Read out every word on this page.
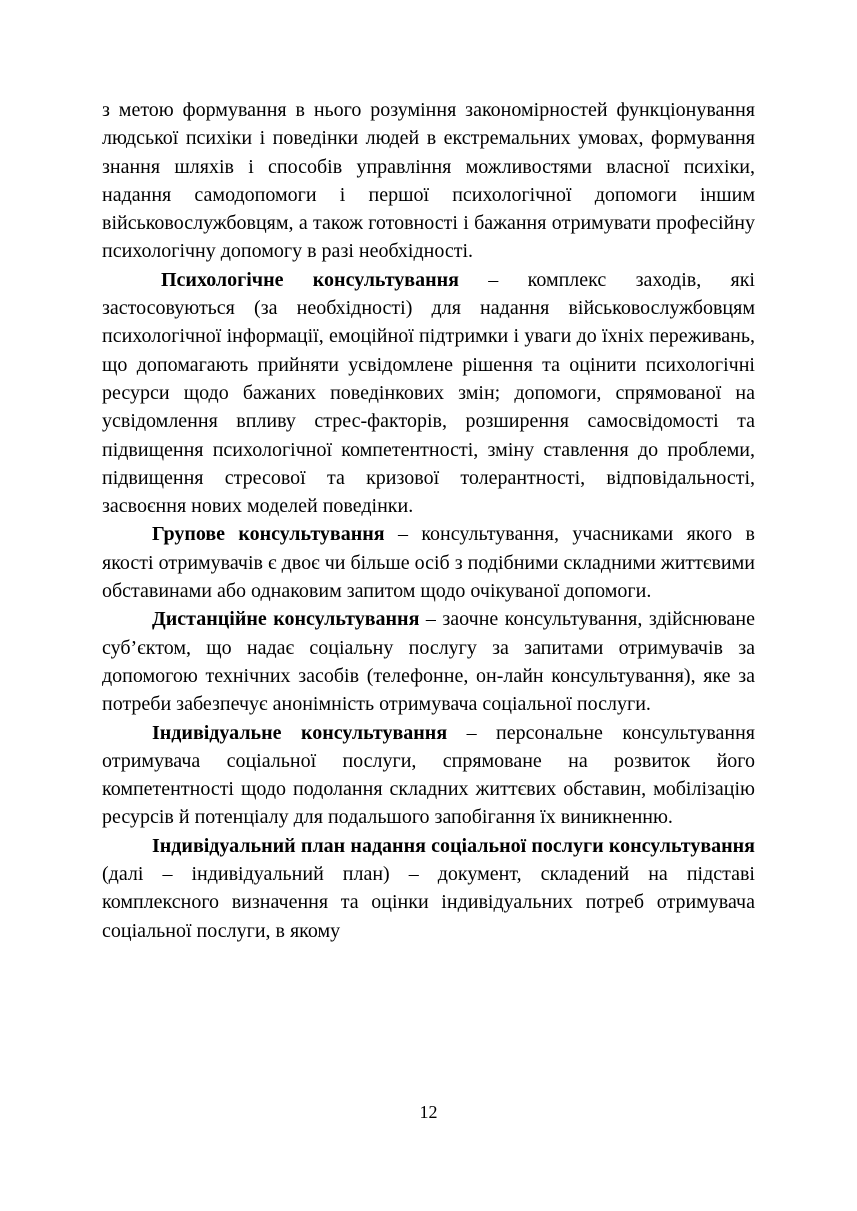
з метою формування в нього розуміння закономірностей функціонування людської психіки і поведінки людей в екстремальних умовах, формування знання шляхів і способів управління можливостями власної психіки, надання самодопомоги і першої психологічної допомоги іншим військовослужбовцям, а також готовності і бажання отримувати професійну психологічну допомогу в разі необхідності.

Психологічне консультування – комплекс заходів, які застосовуються (за необхідності) для надання військовослужбовцям психологічної інформації, емоційної підтримки і уваги до їхніх переживань, що допомагають прийняти усвідомлене рішення та оцінити психологічні ресурси щодо бажаних поведінкових змін; допомоги, спрямованої на усвідомлення впливу стрес-факторів, розширення самосвідомості та підвищення психологічної компетентності, зміну ставлення до проблеми, підвищення стресової та кризової толерантності, відповідальності, засвоєння нових моделей поведінки.

Групове консультування – консультування, учасниками якого в якості отримувачів є двоє чи більше осіб з подібними складними життєвими обставинами або однаковим запитом щодо очікуваної допомоги.

Дистанційне консультування – заочне консультування, здійснюване суб’єктом, що надає соціальну послугу за запитами отримувачів за допомогою технічних засобів (телефонне, он-лайн консультування), яке за потреби забезпечує анонімність отримувача соціальної послуги.

Індивідуальне консультування – персональне консультування отримувача соціальної послуги, спрямоване на розвиток його компетентності щодо подолання складних життєвих обставин, мобілізацію ресурсів й потенціалу для подальшого запобігання їх виникненню.

Індивідуальний план надання соціальної послуги консультування (далі – індивідуальний план) – документ, складений на підставі комплексного визначення та оцінки індивідуальних потреб отримувача соціальної послуги, в якому

12
